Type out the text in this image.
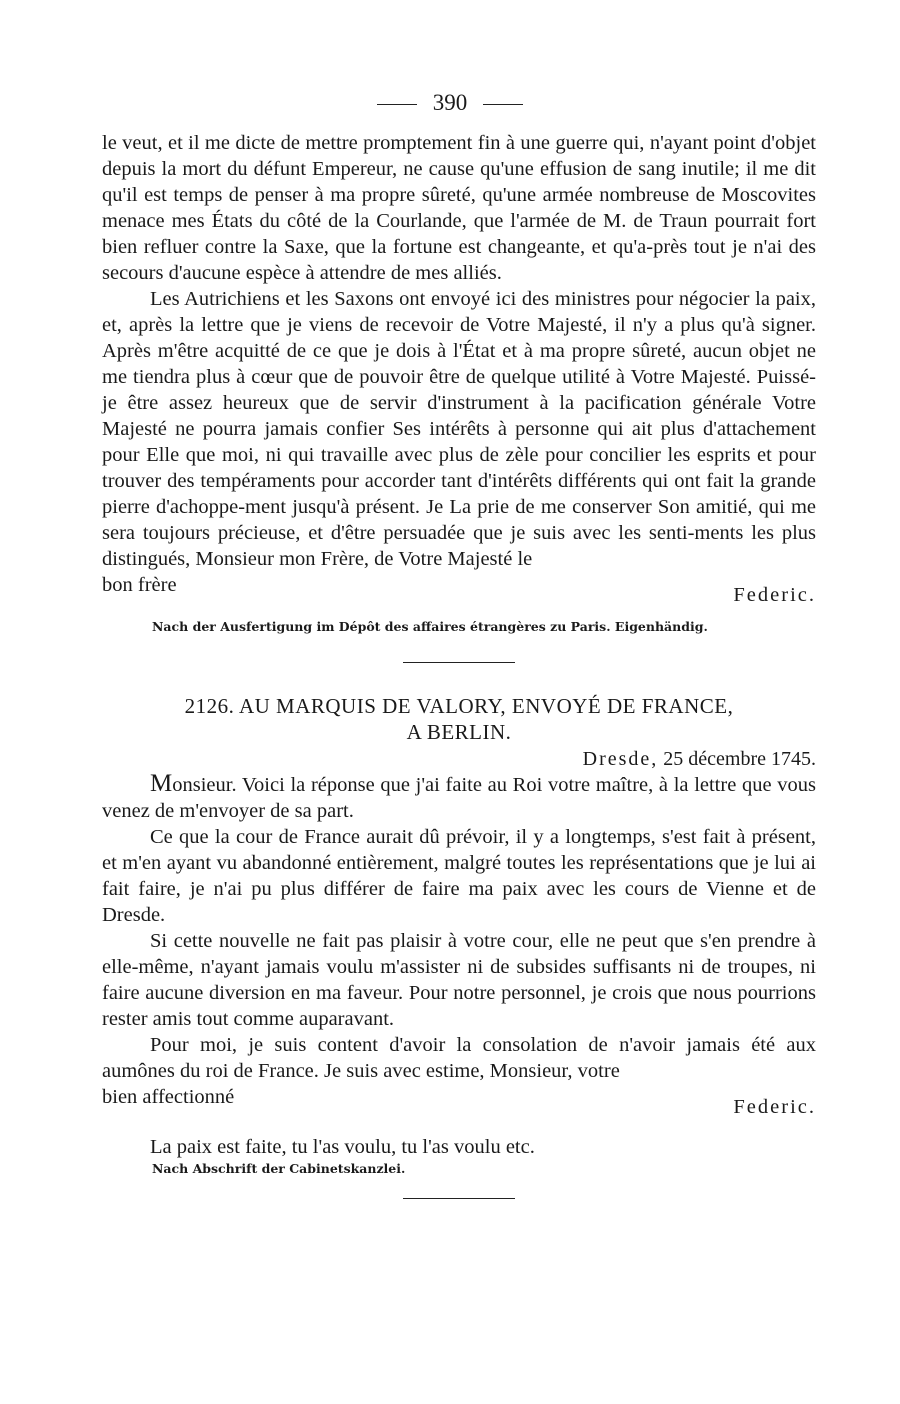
390

le veut, et il me dicte de mettre promptement fin à une guerre qui, n'ayant point d'objet depuis la mort du défunt Empereur, ne cause qu'une effusion de sang inutile; il me dit qu'il est temps de penser à ma propre sûreté, qu'une armée nombreuse de Moscovites menace mes États du côté de la Courlande, que l'armée de M. de Traun pourrait fort bien refluer contre la Saxe, que la fortune est changeante, et qu'a-près tout je n'ai des secours d'aucune espèce à attendre de mes alliés.

Les Autrichiens et les Saxons ont envoyé ici des ministres pour négocier la paix, et, après la lettre que je viens de recevoir de Votre Majesté, il n'y a plus qu'à signer. Après m'être acquitté de ce que je dois à l'État et à ma propre sûreté, aucun objet ne me tiendra plus à cœur que de pouvoir être de quelque utilité à Votre Majesté. Puissé-je être assez heureux que de servir d'instrument à la pacification générale Votre Majesté ne pourra jamais confier Ses intérêts à personne qui ait plus d'attachement pour Elle que moi, ni qui travaille avec plus de zèle pour concilier les esprits et pour trouver des tempéraments pour accorder tant d'intérêts différents qui ont fait la grande pierre d'achoppe-ment jusqu'à présent. Je La prie de me conserver Son amitié, qui me sera toujours précieuse, et d'être persuadée que je suis avec les senti-ments les plus distingués, Monsieur mon Frère, de Votre Majesté le

bon frère	Federic.

Nach der Ausfertigung im Dépôt des affaires étrangères zu Paris. Eigenhändig.

2126. AU MARQUIS DE VALORY, ENVOYÉ DE FRANCE,

A BERLIN.

Dresde, 25 décembre 1745.

Monsieur. Voici la réponse que j'ai faite au Roi votre maître, à la lettre que vous venez de m'envoyer de sa part.

Ce que la cour de France aurait dû prévoir, il y a longtemps, s'est fait à présent, et m'en ayant vu abandonné entièrement, malgré toutes les représentations que je lui ai fait faire, je n'ai pu plus différer de faire ma paix avec les cours de Vienne et de Dresde.

Si cette nouvelle ne fait pas plaisir à votre cour, elle ne peut que s'en prendre à elle-même, n'ayant jamais voulu m'assister ni de subsides suffisants ni de troupes, ni faire aucune diversion en ma faveur. Pour notre personnel, je crois que nous pourrions rester amis tout comme auparavant.

Pour moi, je suis content d'avoir la consolation de n'avoir jamais été aux aumônes du roi de France. Je suis avec estime, Monsieur, votre

bien affectionné	Federic.

La paix est faite, tu l'as voulu, tu l'as voulu etc.

Nach Abschrift der Cabinetskanzlei.
